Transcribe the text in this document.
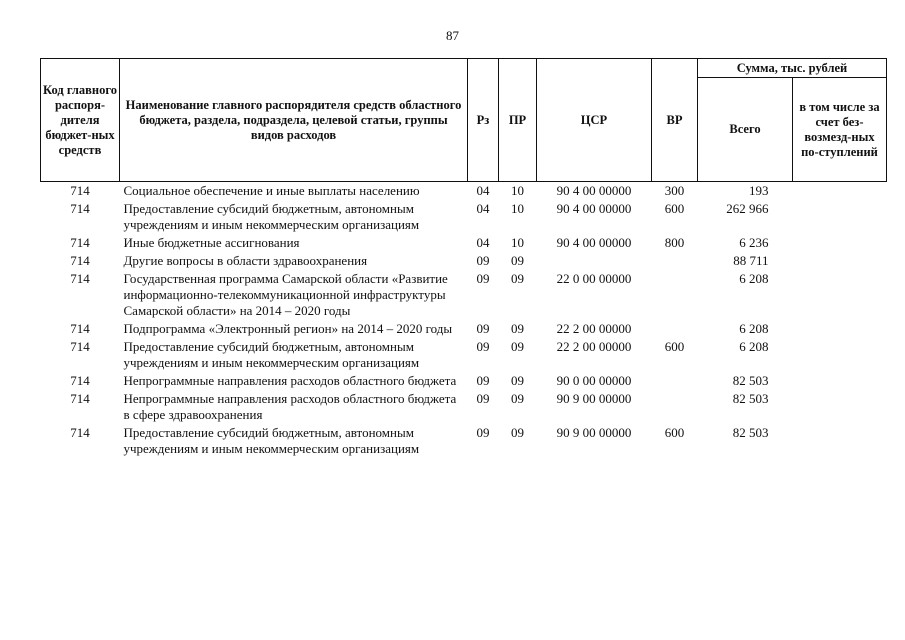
87
Код главного распоря-дителя бюджет-ных средств	Наименование главного распорядителя средств областного бюджета, раздела, подраздела, целевой статьи, группы видов расходов	Рз	ПР	ЦСР	ВР	Сумма, тыс. рублей	
						Всего	в том числе за счет без-возмезд-ных по-ступлений
714	Социальное обеспечение и иные выплаты населению	04	10	90 4 00 00000	300	193	
714	Предоставление субсидий бюджетным, автономным учреждениям и иным некоммерческим организациям	04	10	90 4 00 00000	600	262 966	
714	Иные бюджетные ассигнования	04	10	90 4 00 00000	800	6 236	
714	Другие вопросы в области здравоохранения	09	09			88 711	
714	Государственная программа Самарской области «Развитие информационно-телекоммуникационной инфраструктуры Самарской области» на 2014 – 2020 годы	09	09	22 0 00 00000		6 208	
714	Подпрограмма «Электронный регион» на 2014 – 2020 годы	09	09	22 2 00 00000		6 208	
714	Предоставление субсидий бюджетным, автономным учреждениям и иным некоммерческим организациям	09	09	22 2 00 00000	600	6 208	
714	Непрограммные направления расходов областного бюджета	09	09	90 0 00 00000		82 503	
714	Непрограммные направления расходов областного бюджета в сфере здравоохранения	09	09	90 9 00 00000		82 503	
714	Предоставление субсидий бюджетным, автономным учреждениям и иным некоммерческим организациям	09	09	90 9 00 00000	600	82 503	
